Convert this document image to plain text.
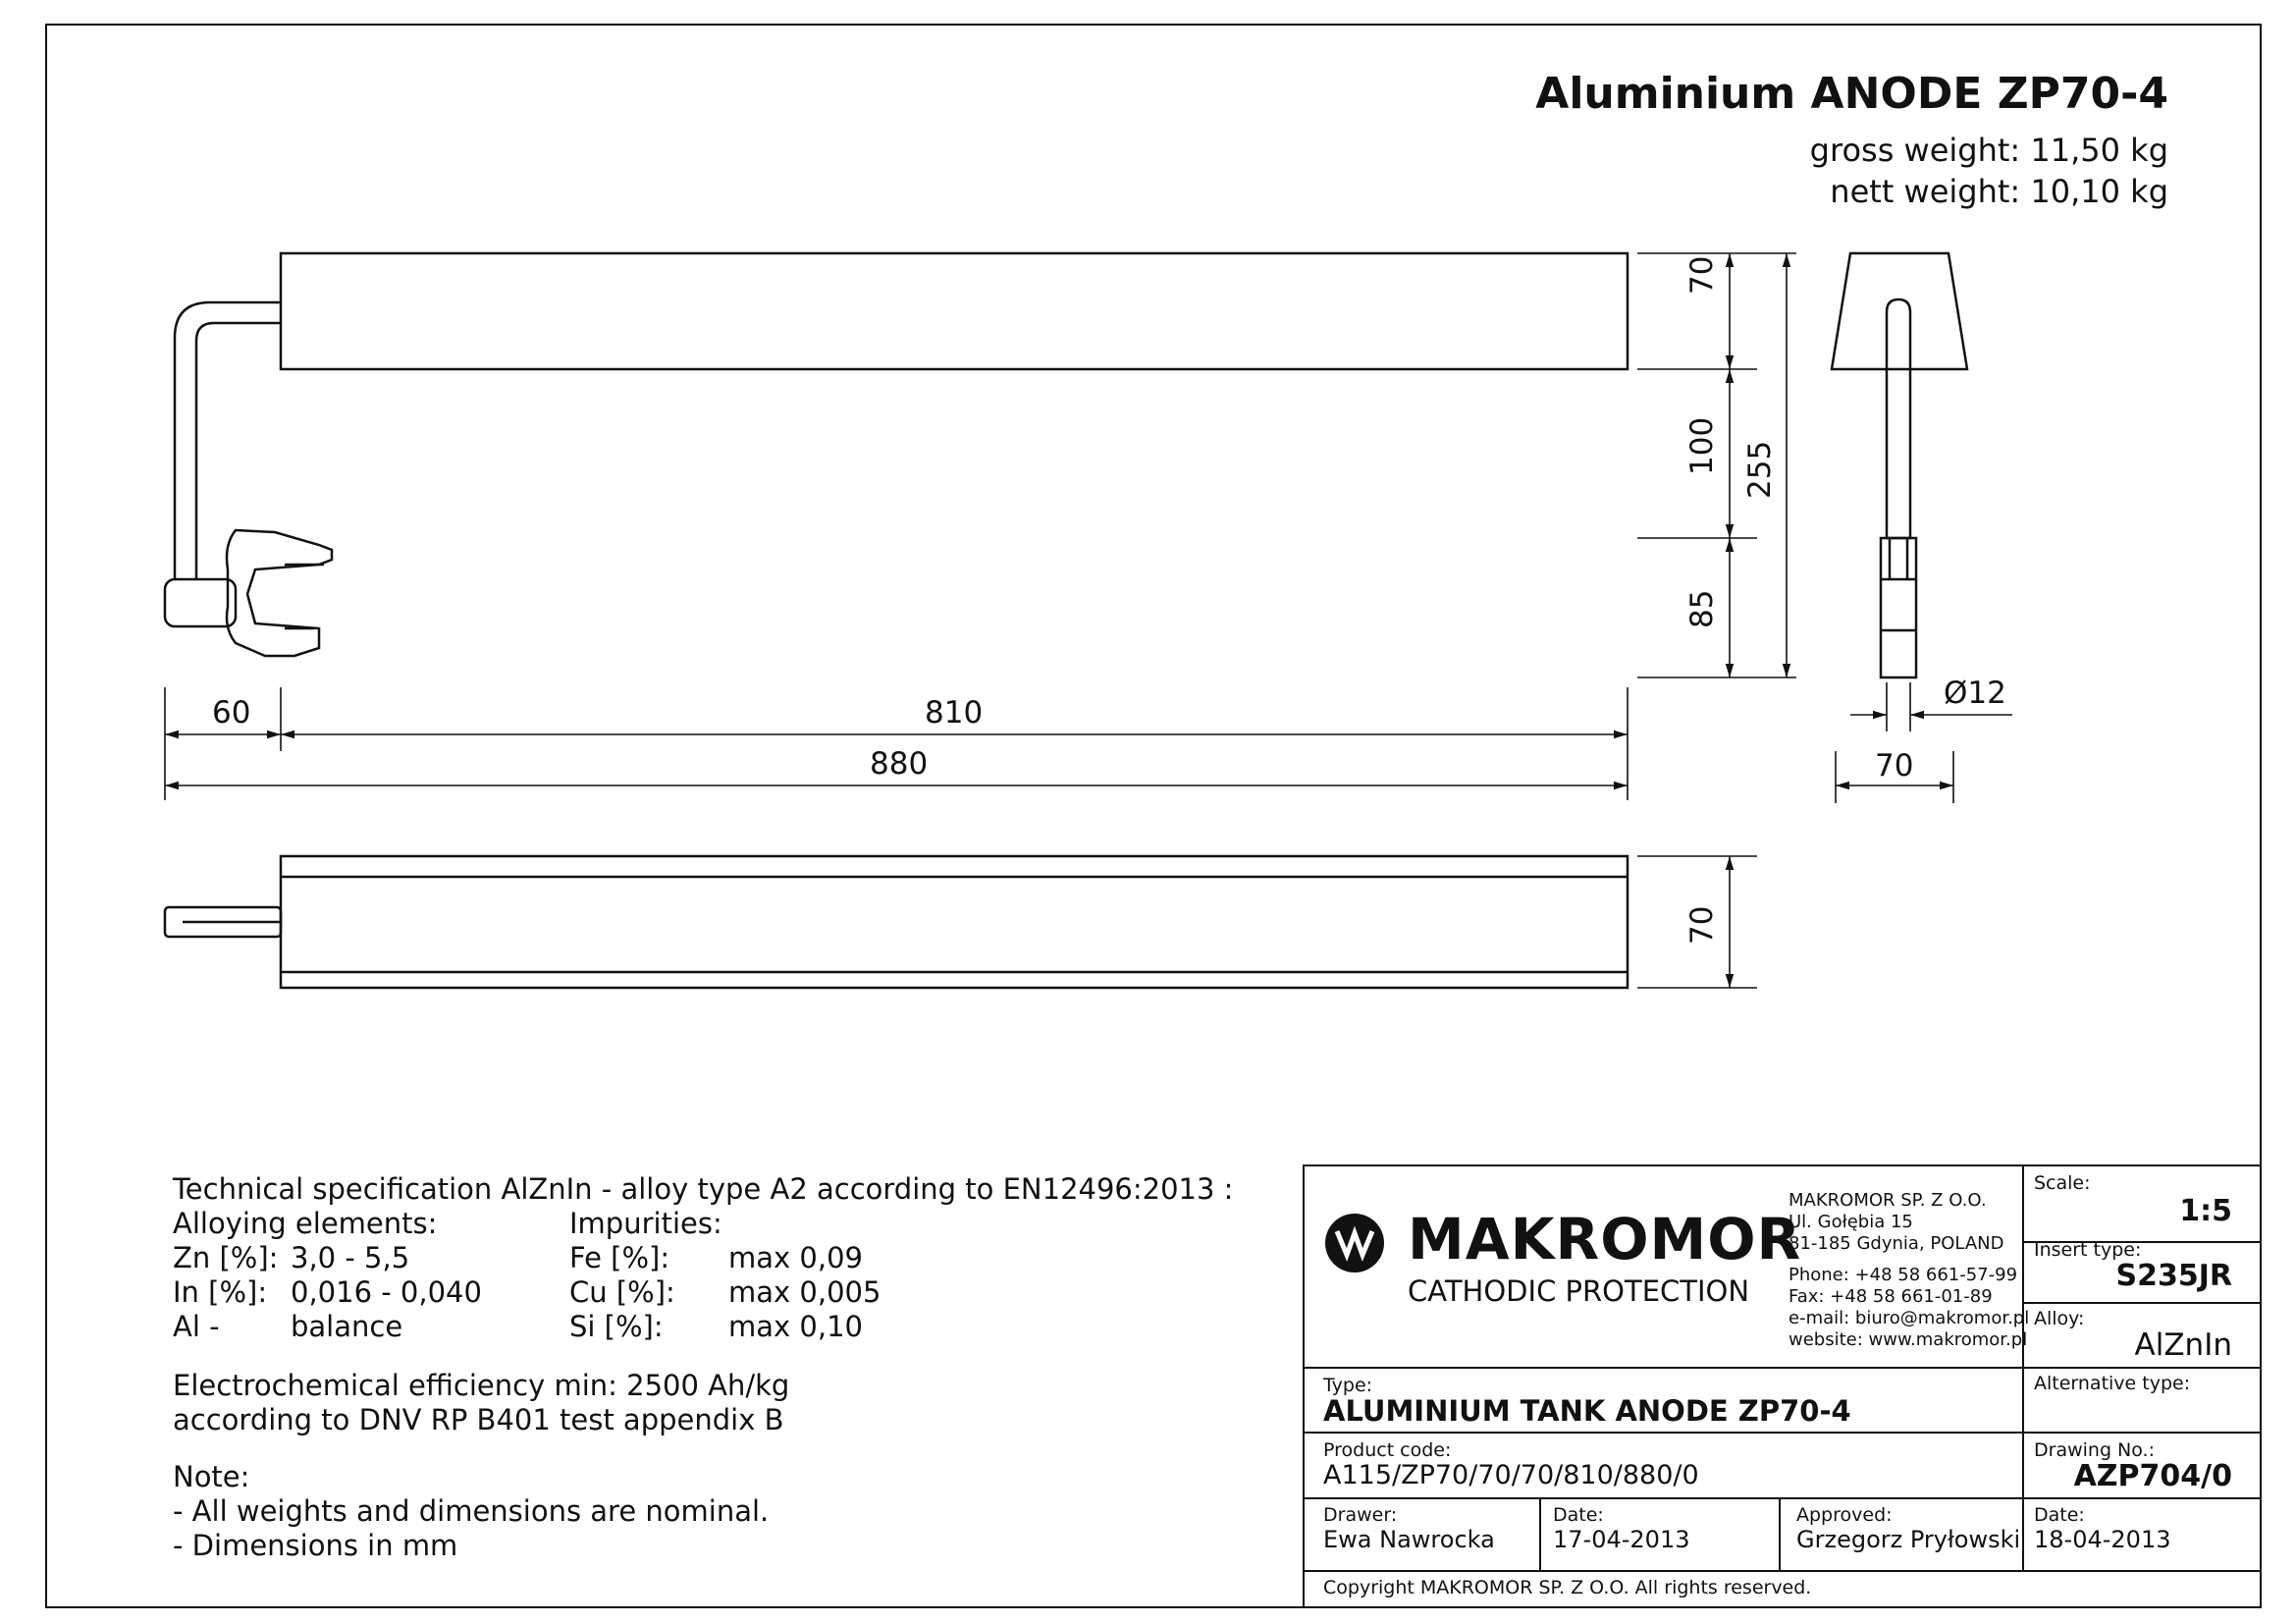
Aluminium ANODE ZP70-4
gross weight: 11,50 kg
nett weight: 10,10 kg
70
100
85
255
60	810
880
Ø12
70
70
Technical specification AlZnIn - alloy type A2 according to EN12496:2013 :
Alloying elements:	Impurities:
Zn [%]: 3,0 - 5,5
In [%]: 0,016 - 0,040
Al - balance
Fe [%]: max 0,09
Cu [%]: max 0,005
Si [%]: max 0,10
Electrochemical efficiency min: 2500 Ah/kg
according to DNV RP B401 test appendix B
Note:
- All weights and dimensions are nominal.
- Dimensions in mm
MAKROMOR
CATHODIC PROTECTION
MAKROMOR SP. Z O.O.
Ul. Gołębia 15
81-185 Gdynia, POLAND
Phone: +48 58 661-57-99
Fax: +48 58 661-01-89
e-mail: biuro@makromor.pl
website: www.makromor.pl
Scale:
1:5
Insert type:
S235JR
Alloy:
AlZnIn
Alternative type:
Type:
ALUMINIUM TANK ANODE ZP70-4
Product code:
A115/ZP70/70/70/810/880/0
Drawing No.:
AZP704/0
Drawer:
Ewa Nawrocka
Date:
17-04-2013
Approved:
Grzegorz Pryłowski
Date:
18-04-2013
Copyright MAKROMOR SP. Z O.O. All rights reserved.
